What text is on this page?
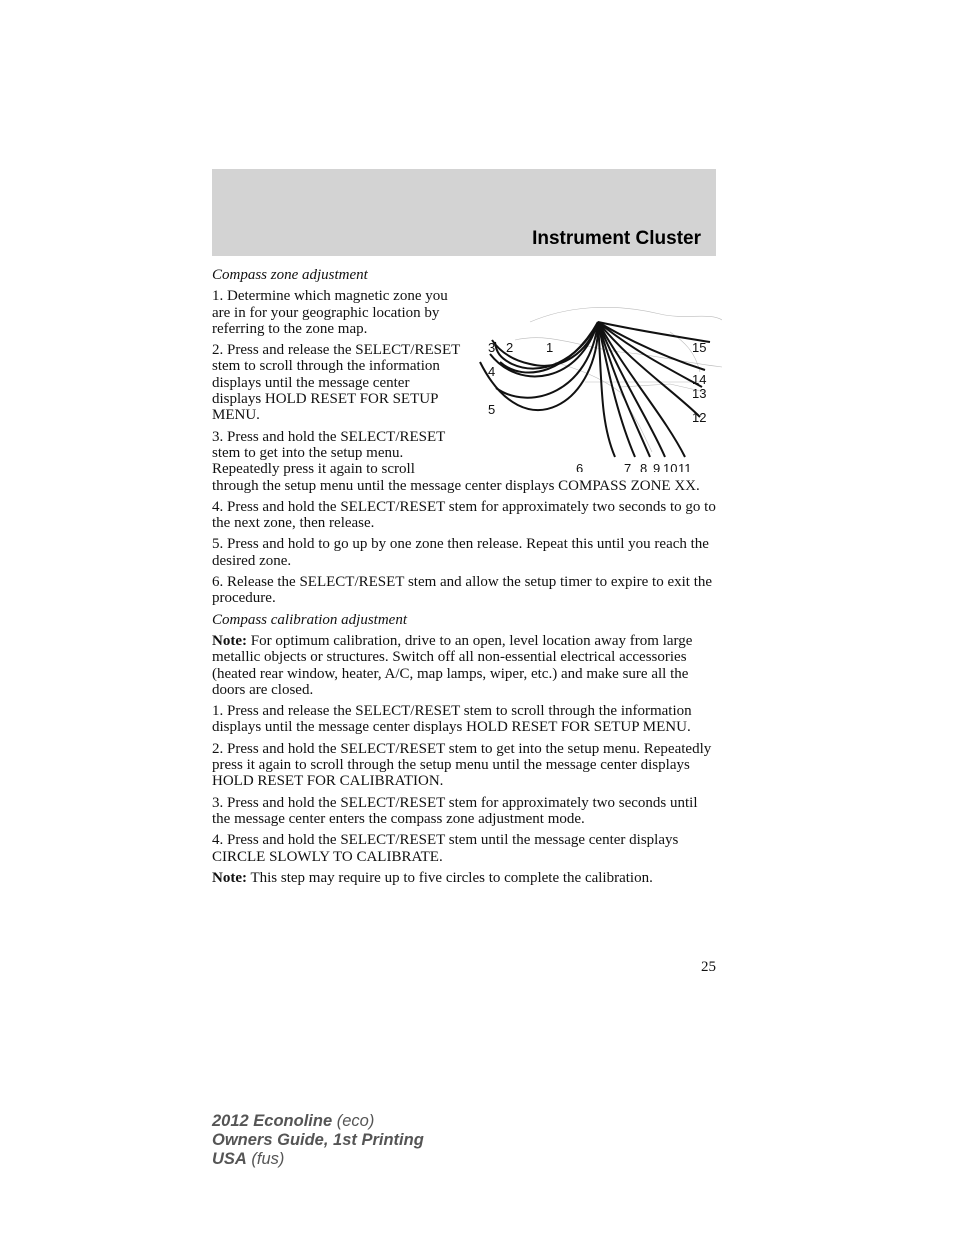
Instrument Cluster

Compass zone adjustment

1
2
3
4
5
6	7 8 9 10 11
12
13
14
15

1. Determine which magnetic zone you are in for your geographic location by referring to the zone map.

2. Press and release the SELECT/RESET stem to scroll through the information displays until the message center displays HOLD RESET FOR SETUP MENU.

3. Press and hold the SELECT/RESET stem to get into the setup menu. Repeatedly press it again to scroll through the setup menu until the message center displays COMPASS ZONE XX.

4. Press and hold the SELECT/RESET stem for approximately two seconds to go to the next zone, then release.

5. Press and hold to go up by one zone then release. Repeat this until you reach the desired zone.

6. Release the SELECT/RESET stem and allow the setup timer to expire to exit the procedure.

Compass calibration adjustment

Note: For optimum calibration, drive to an open, level location away from large metallic objects or structures. Switch off all non-essential electrical accessories (heated rear window, heater, A/C, map lamps, wiper, etc.) and make sure all the doors are closed.

1. Press and release the SELECT/RESET stem to scroll through the information displays until the message center displays HOLD RESET FOR SETUP MENU.

2. Press and hold the SELECT/RESET stem to get into the setup menu. Repeatedly press it again to scroll through the setup menu until the message center displays HOLD RESET FOR CALIBRATION.

3. Press and hold the SELECT/RESET stem for approximately two seconds until the message center enters the compass zone adjustment mode.

4. Press and hold the SELECT/RESET stem until the message center displays CIRCLE SLOWLY TO CALIBRATE.

Note: This step may require up to five circles to complete the calibration.

25
2012 Econoline (eco)
Owners Guide, 1st Printing
USA (fus)
